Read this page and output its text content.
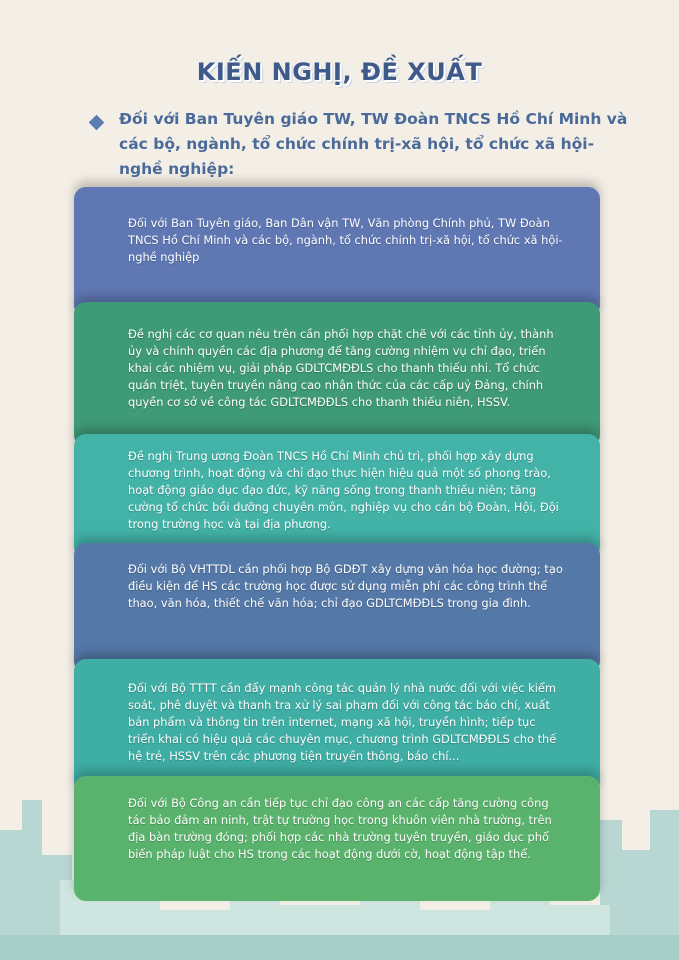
KIẾN NGHỊ, ĐỀ XUẤT
Đối với Ban Tuyên giáo TW, TW Đoàn TNCS Hồ Chí Minh và các bộ, ngành, tổ chức chính trị-xã hội, tổ chức xã hội-nghề nghiệp:

Đối với Ban Tuyên giáo, Ban Dân vận TW, Văn phòng Chính phủ, TW Đoàn TNCS Hồ Chí Minh và các bộ, ngành, tổ chức chính trị-xã hội, tổ chức xã hội-nghề nghiệp

Đề nghị các cơ quan nêu trên cần phối hợp chặt chẽ với các tỉnh ủy, thành ủy và chính quyền các địa phương để tăng cường nhiệm vụ chỉ đạo, triển khai các nhiệm vụ, giải pháp GDLTCMĐĐLS cho thanh thiếu nhi. Tổ chức quán triệt, tuyên truyền nâng cao nhận thức của các cấp uỷ Đảng, chính quyền cơ sở về công tác GDLTCMĐĐLS cho thanh thiếu niên, HSSV.

Đề nghị Trung ương Đoàn TNCS Hồ Chí Minh chủ trì, phối hợp xây dựng chương trình, hoạt động và chỉ đạo thực hiện hiệu quả một số phong trào, hoạt động giáo dục đạo đức, kỹ năng sống trong thanh thiếu niên; tăng cường tổ chức bồi dưỡng chuyên môn, nghiệp vụ cho cán bộ Đoàn, Hội, Đội trong trường học và tại địa phương.

Đối với Bộ VHTTDL cần phối hợp Bộ GDĐT xây dựng văn hóa học đường; tạo điều kiện để HS các trường học được sử dụng miễn phí các công trình thể thao, văn hóa, thiết chế văn hóa; chỉ đạo GDLTCMĐĐLS trong gia đình.

Đối với Bộ TTTT cần đẩy mạnh công tác quản lý nhà nước đối với việc kiểm soát, phê duyệt và thanh tra xử lý sai phạm đối với công tác báo chí, xuất bản phẩm và thông tin trên internet, mạng xã hội, truyền hình; tiếp tục triển khai có hiệu quả các chuyên mục, chương trình GDLTCMĐĐLS cho thế hệ trẻ, HSSV trên các phương tiện truyền thông, báo chí...

Đối với Bộ Công an cần tiếp tục chỉ đạo công an các cấp tăng cường công tác bảo đảm an ninh, trật tự trường học trong khuôn viên nhà trường, trên địa bàn trường đóng; phối hợp các nhà trường tuyên truyền, giáo dục phổ biến pháp luật cho HS trong các hoạt động dưới cờ, hoạt động tập thể.
